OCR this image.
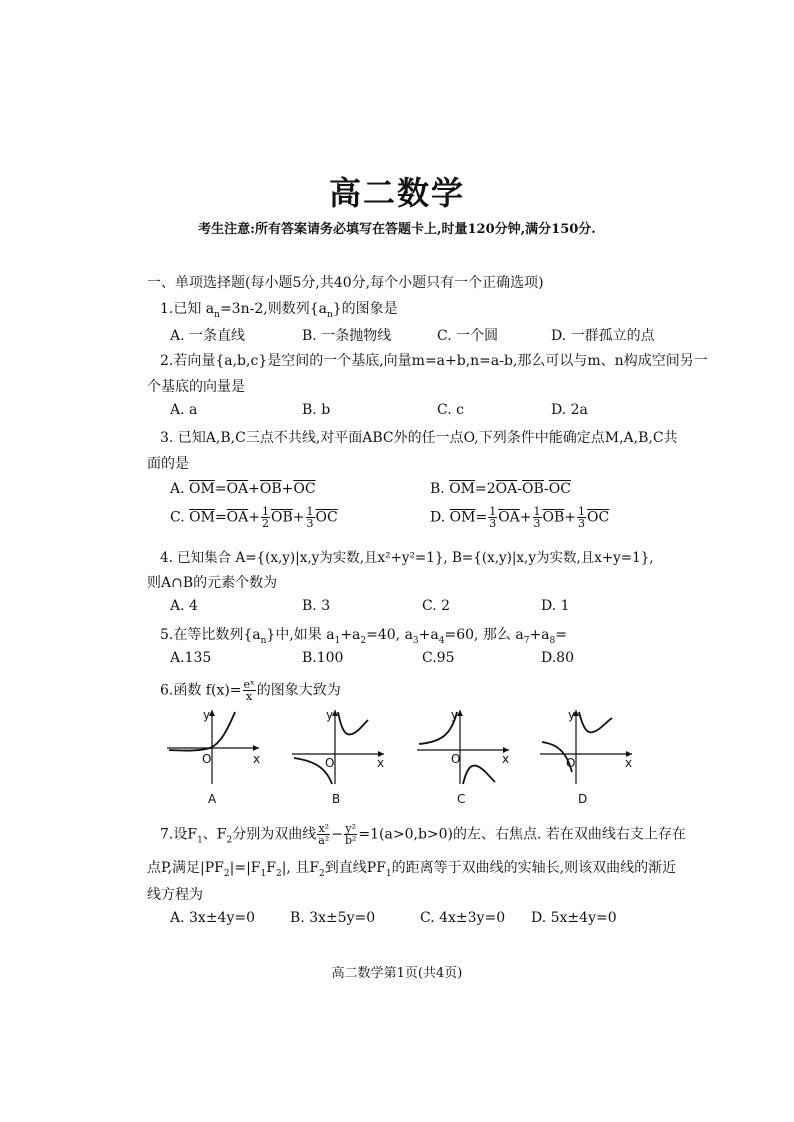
高二数学
考生注意:所有答案请务必填写在答题卡上,时量120分钟,满分150分.
一、单项选择题(每小题5分,共40分,每个小题只有一个正确选项)
1.已知 $a_n=3n-2$,则数列$\{a_n\}$的图象是
A. 一条直线	B. 一条抛物线	C. 一个圆	D. 一群孤立的点
2.若向量{a,b,c}是空间的一个基底,向量m=a+b,n=a-b,那么可以与m、n构成空间另一
个基底的向量是
A. a	B. b	C. c	D. 2a
3. 已知A,B,C三点不共线,对平面ABC外的任一点O,下列条件中能确定点M,A,B,C共
面的是
A. $\overline{OM}=\overline{OA}+\overline{OB}+\overline{OC}$	B. $\overline{OM}=2\overline{OA}-\overline{OB}-\overline{OC}$
C. $\overline{OM}=\overline{OA}+ \frac{1}{2} \overline{OB}+ \frac{1}{3} \overline{OC}$	D. $\overline{OM}= \frac{1}{3} \overline{OA}+ \frac{1}{3} \overline{OB}+ \frac{1}{3} \overline{OC}$
4. 已知集合 A={(x,y)|x,y为实数,且x²+y²=1}, B={(x,y)|x,y为实数,且x+y=1},
则A∩B的元素个数为
A. 4	B. 3	C. 2	D. 1
5.在等比数列$\{a_n\}$中,如果 $a_1+a_2=40$, $a_3+a_4=60$, 那么 $a_7+a_8=$
A.135	B.100	C.95	D.80
6.函数 $f(x)= \frac{\text{eˣ}}{x}$ 的图象大致为
y
x
O
A
y
x
O
B
y
x
O
C
y
x
O
D
7.设$F_1$、$F_2$分别为双曲线 $\frac{\text{x²}}{\text{a²}} - \frac{\text{y²}}{\text{b²}} =1(a>0,b>0)$的左、右焦点. 若在双曲线右支上存在
点P,满足$|PF_2|=|F_1F_2|$, 且$F_2$到直线$PF_1$的距离等于双曲线的实轴长,则该双曲线的渐近
线方程为
A. 3x±4y=0	B. 3x±5y=0	C. 4x±3y=0 D. 5x±4y=0
高二数学第1页(共4页)
